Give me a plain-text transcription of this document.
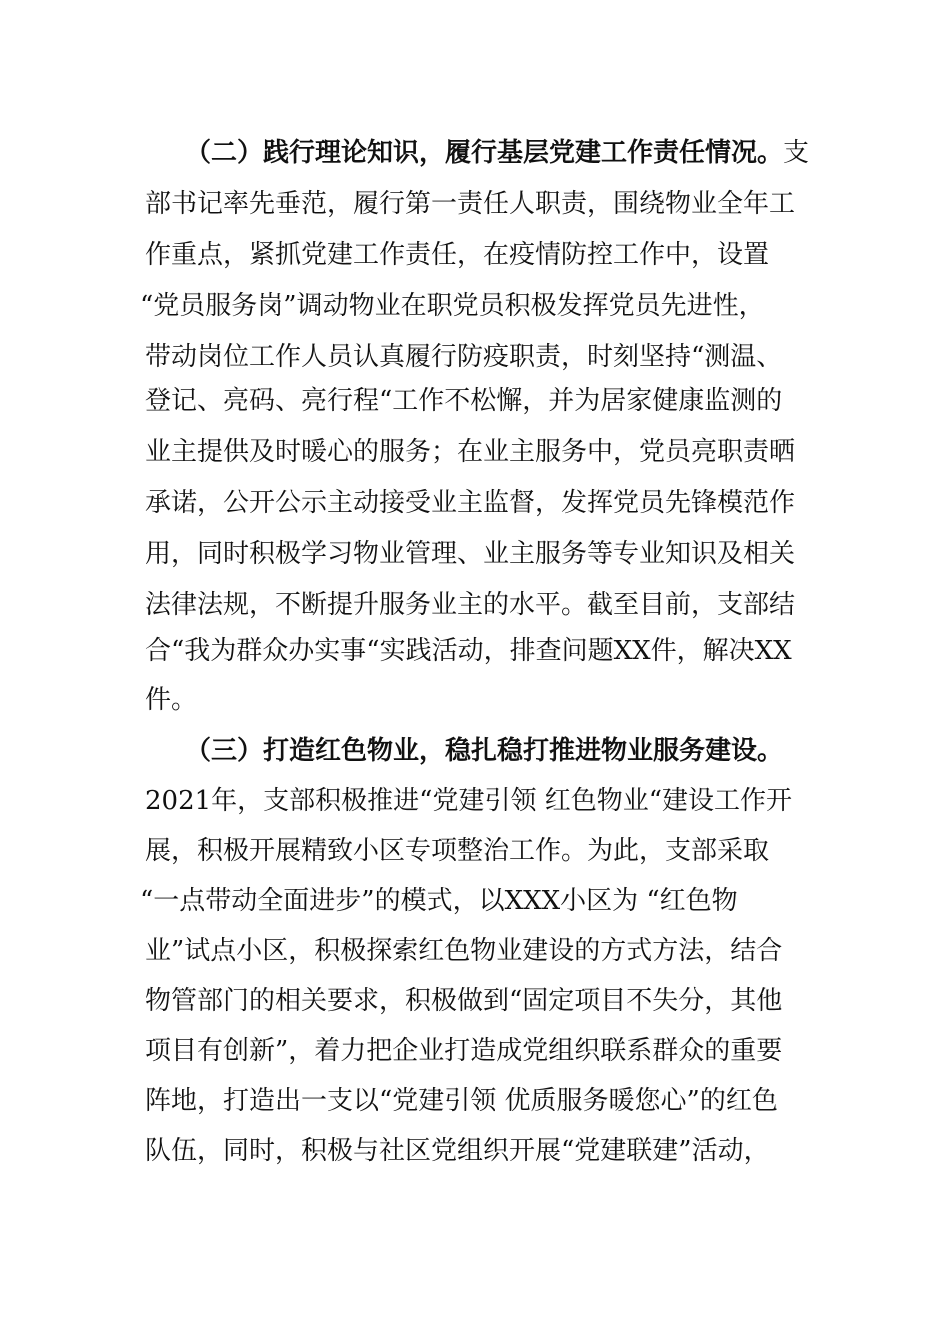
（二）践行理论知识，履行基层党建工作责任情况。支
部书记率先垂范，履行第一责任人职责，围绕物业全年工
作重点，紧抓党建工作责任，在疫情防控工作中，设置
“党员服务岗”调动物业在职党员积极发挥党员先进性，
带动岗位工作人员认真履行防疫职责，时刻坚持“测温、
登记、亮码、亮行程“工作不松懈，并为居家健康监测的
业主提供及时暖心的服务；在业主服务中，党员亮职责晒
承诺，公开公示主动接受业主监督，发挥党员先锋模范作
用，同时积极学习物业管理、业主服务等专业知识及相关
法律法规，不断提升服务业主的水平。截至目前，支部结
合“我为群众办实事“实践活动，排查问题XX件，解决XX
件。
（三）打造红色物业，稳扎稳打推进物业服务建设。
2021年，支部积极推进“党建引领 红色物业“建设工作开
展，积极开展精致小区专项整治工作。为此，支部采取
“一点带动全面进步”的模式，以XXX小区为 “红色物
业”试点小区，积极探索红色物业建设的方式方法，结合
物管部门的相关要求，积极做到“固定项目不失分，其他
项目有创新”，着力把企业打造成党组织联系群众的重要
阵地，打造出一支以“党建引领 优质服务暖您心”的红色
队伍，同时，积极与社区党组织开展“党建联建”活动，
